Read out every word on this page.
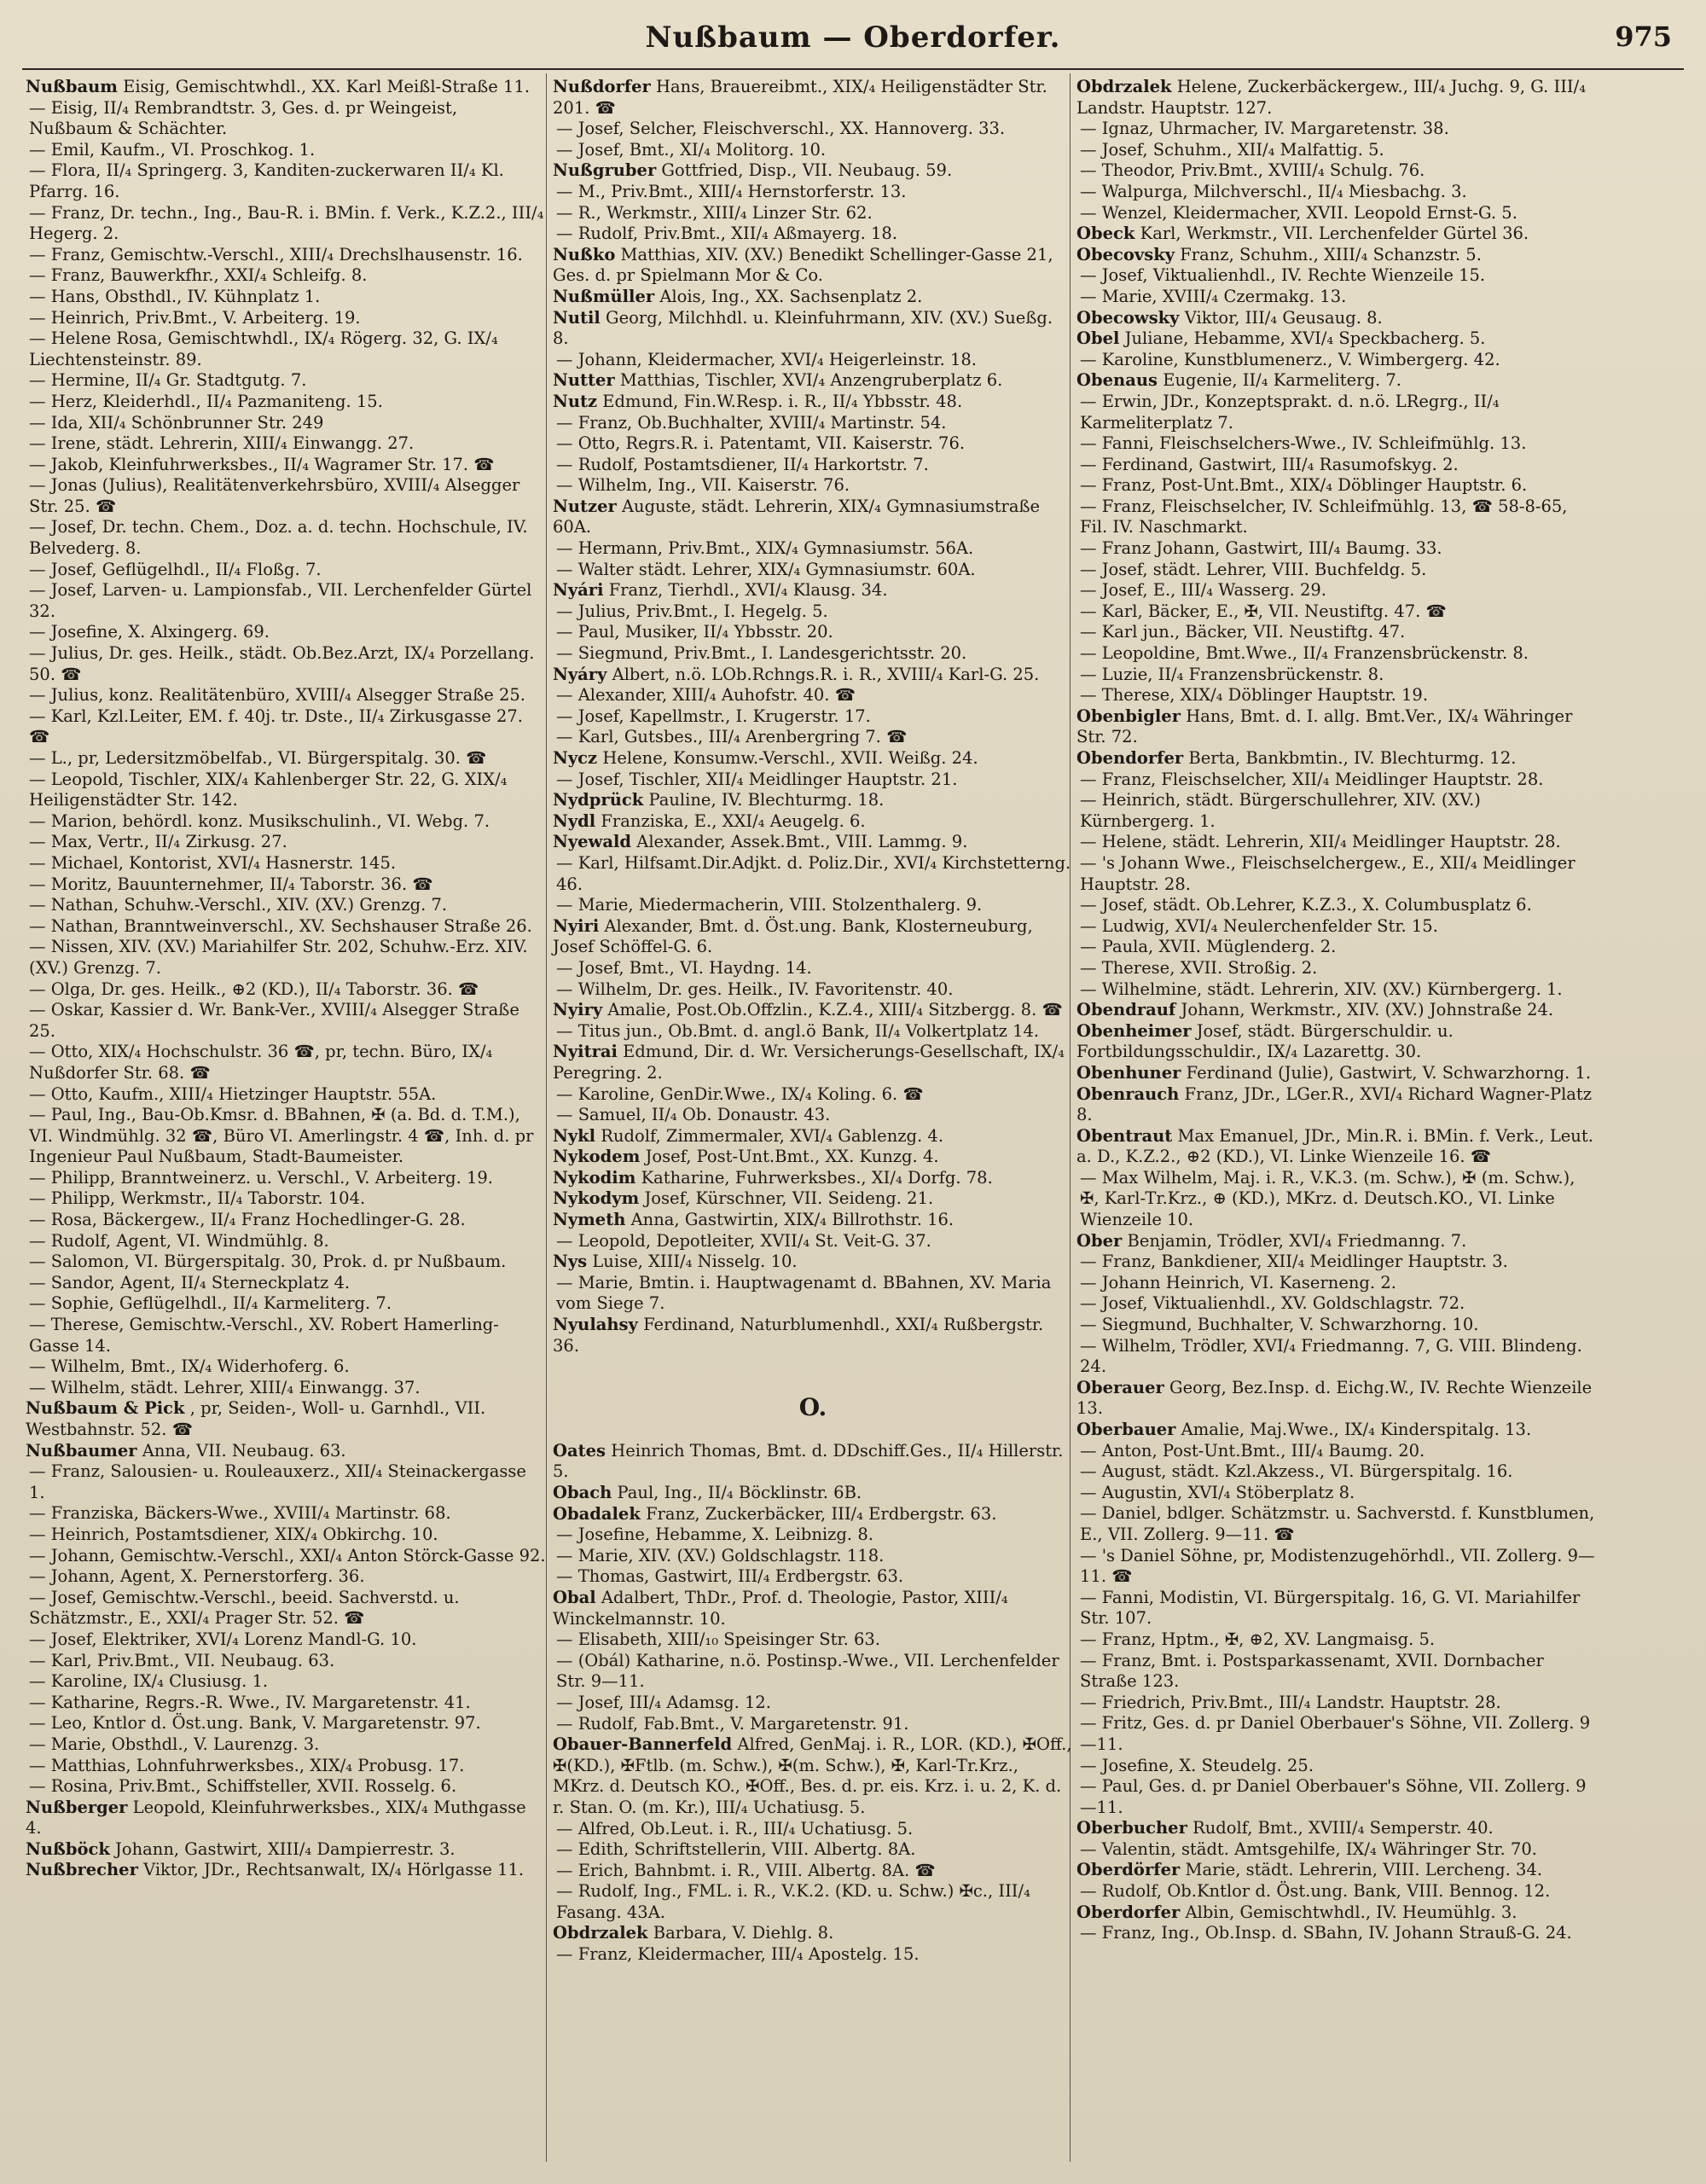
Nußbaum — Oberdorfer.	975

Nußbaum Eisig, Gemischtwhdl., XX. Karl Meißl-Straße 11.

— Eisig, II/₄ Rembrandtstr. 3, Ges. d. pr Weingeist, Nußbaum & Schächter.

— Emil, Kaufm., VI. Proschkog. 1.

— Flora, II/₄ Springerg. 3, Kanditen-zuckerwaren II/₄ Kl. Pfarrg. 16.

— Franz, Dr. techn., Ing., Bau-R. i. BMin. f. Verk., K.Z.2., III/₄ Hegerg. 2.

— Franz, Gemischtw.-Verschl., XIII/₄ Drechslhausenstr. 16.

— Franz, Bauwerkfhr., XXI/₄ Schleifg. 8.

— Hans, Obsthdl., IV. Kühnplatz 1.

— Heinrich, Priv.Bmt., V. Arbeiterg. 19.

— Helene Rosa, Gemischtwhdl., IX/₄ Rögerg. 32, G. IX/₄ Liechtensteinstr. 89.

— Hermine, II/₄ Gr. Stadtgutg. 7.

— Herz, Kleiderhdl., II/₄ Pazmaniteng. 15.

— Ida, XII/₄ Schönbrunner Str. 249

— Irene, städt. Lehrerin, XIII/₄ Einwangg. 27.

— Jakob, Kleinfuhrwerksbes., II/₄ Wagramer Str. 17. ☎

— Jonas (Julius), Realitätenverkehrsbüro, XVIII/₄ Alsegger Str. 25. ☎

— Josef, Dr. techn. Chem., Doz. a. d. techn. Hochschule, IV. Belvederg. 8.

— Josef, Geflügelhdl., II/₄ Floßg. 7.

— Josef, Larven- u. Lampionsfab., VII. Lerchenfelder Gürtel 32.

— Josefine, X. Alxingerg. 69.

— Julius, Dr. ges. Heilk., städt. Ob.Bez.Arzt, IX/₄ Porzellang. 50. ☎

— Julius, konz. Realitätenbüro, XVIII/₄ Alsegger Straße 25.

— Karl, Kzl.Leiter, EM. f. 40j. tr. Dste., II/₄ Zirkusgasse 27. ☎

— L., pr, Ledersitzmöbelfab., VI. Bürgerspitalg. 30. ☎

— Leopold, Tischler, XIX/₄ Kahlenberger Str. 22, G. XIX/₄ Heiligenstädter Str. 142.

— Marion, behördl. konz. Musikschulinh., VI. Webg. 7.

— Max, Vertr., II/₄ Zirkusg. 27.

— Michael, Kontorist, XVI/₄ Hasnerstr. 145.

— Moritz, Bauunternehmer, II/₄ Taborstr. 36. ☎

— Nathan, Schuhw.-Verschl., XIV. (XV.) Grenzg. 7.

— Nathan, Branntweinverschl., XV. Sechshauser Straße 26.

— Nissen, XIV. (XV.) Mariahilfer Str. 202, Schuhw.-Erz. XIV. (XV.) Grenzg. 7.

— Olga, Dr. ges. Heilk., ⊕2 (KD.), II/₄ Taborstr. 36. ☎

— Oskar, Kassier d. Wr. Bank-Ver., XVIII/₄ Alsegger Straße 25.

— Otto, XIX/₄ Hochschulstr. 36 ☎, pr, techn. Büro, IX/₄ Nußdorfer Str. 68. ☎

— Otto, Kaufm., XIII/₄ Hietzinger Hauptstr. 55A.

— Paul, Ing., Bau-Ob.Kmsr. d. BBahnen, ✠ (a. Bd. d. T.M.), VI. Windmühlg. 32 ☎, Büro VI. Amerlingstr. 4 ☎, Inh. d. pr Ingenieur Paul Nußbaum, Stadt-Baumeister.

— Philipp, Branntweinerz. u. Verschl., V. Arbeiterg. 19.

— Philipp, Werkmstr., II/₄ Taborstr. 104.

— Rosa, Bäckergew., II/₄ Franz Hochedlinger-G. 28.

— Rudolf, Agent, VI. Windmühlg. 8.

— Salomon, VI. Bürgerspitalg. 30, Prok. d. pr Nußbaum.

— Sandor, Agent, II/₄ Sterneckplatz 4.

— Sophie, Geflügelhdl., II/₄ Karmeliterg. 7.

— Therese, Gemischtw.-Verschl., XV. Robert Hamerling-Gasse 14.

— Wilhelm, Bmt., IX/₄ Widerhoferg. 6.

— Wilhelm, städt. Lehrer, XIII/₄ Einwangg. 37.

Nußbaum & Pick , pr, Seiden-, Woll- u. Garnhdl., VII. Westbahnstr. 52. ☎

Nußbaumer Anna, VII. Neubaug. 63.

— Franz, Salousien- u. Rouleauxerz., XII/₄ Steinackergasse 1.

— Franziska, Bäckers-Wwe., XVIII/₄ Martinstr. 68.

— Heinrich, Postamtsdiener, XIX/₄ Obkirchg. 10.

— Johann, Gemischtw.-Verschl., XXI/₄ Anton Störck-Gasse 92.

— Johann, Agent, X. Pernerstorferg. 36.

— Josef, Gemischtw.-Verschl., beeid. Sachverstd. u. Schätzmstr., E., XXI/₄ Prager Str. 52. ☎

— Josef, Elektriker, XVI/₄ Lorenz Mandl-G. 10.

— Karl, Priv.Bmt., VII. Neubaug. 63.

— Karoline, IX/₄ Clusiusg. 1.

— Katharine, Regrs.-R. Wwe., IV. Margaretenstr. 41.

— Leo, Kntlor d. Öst.ung. Bank, V. Margaretenstr. 97.

— Marie, Obsthdl., V. Laurenzg. 3.

— Matthias, Lohnfuhrwerksbes., XIX/₄ Probusg. 17.

— Rosina, Priv.Bmt., Schiffsteller, XVII. Rosselg. 6.

Nußberger Leopold, Kleinfuhrwerksbes., XIX/₄ Muthgasse 4.

Nußböck Johann, Gastwirt, XIII/₄ Dampierrestr. 3.

Nußbrecher Viktor, JDr., Rechtsanwalt, IX/₄ Hörlgasse 11.

Nußdorfer Hans, Brauereibmt., XIX/₄ Heiligenstädter Str. 201. ☎

— Josef, Selcher, Fleischverschl., XX. Hannoverg. 33.

— Josef, Bmt., XI/₄ Molitorg. 10.

Nußgruber Gottfried, Disp., VII. Neubaug. 59.

— M., Priv.Bmt., XIII/₄ Hernstorferstr. 13.

— R., Werkmstr., XIII/₄ Linzer Str. 62.

— Rudolf, Priv.Bmt., XII/₄ Aßmayerg. 18.

Nußko Matthias, XIV. (XV.) Benedikt Schellinger-Gasse 21, Ges. d. pr Spielmann Mor & Co.

Nußmüller Alois, Ing., XX. Sachsenplatz 2.

Nutil Georg, Milchhdl. u. Kleinfuhrmann, XIV. (XV.) Sueßg. 8.

— Johann, Kleidermacher, XVI/₄ Heigerleinstr. 18.

Nutter Matthias, Tischler, XVI/₄ Anzengruberplatz 6.

Nutz Edmund, Fin.W.Resp. i. R., II/₄ Ybbsstr. 48.

— Franz, Ob.Buchhalter, XVIII/₄ Martinstr. 54.

— Otto, Regrs.R. i. Patentamt, VII. Kaiserstr. 76.

— Rudolf, Postamtsdiener, II/₄ Harkortstr. 7.

— Wilhelm, Ing., VII. Kaiserstr. 76.

Nutzer Auguste, städt. Lehrerin, XIX/₄ Gymnasiumstraße 60A.

— Hermann, Priv.Bmt., XIX/₄ Gymnasiumstr. 56A.

— Walter städt. Lehrer, XIX/₄ Gymnasiumstr. 60A.

Nyári Franz, Tierhdl., XVI/₄ Klausg. 34.

— Julius, Priv.Bmt., I. Hegelg. 5.

— Paul, Musiker, II/₄ Ybbsstr. 20.

— Siegmund, Priv.Bmt., I. Landesgerichtsstr. 20.

Nyáry Albert, n.ö. LOb.Rchngs.R. i. R., XVIII/₄ Karl-G. 25.

— Alexander, XIII/₄ Auhofstr. 40. ☎

— Josef, Kapellmstr., I. Krugerstr. 17.

— Karl, Gutsbes., III/₄ Arenbergring 7. ☎

Nycz Helene, Konsumw.-Verschl., XVII. Weißg. 24.

— Josef, Tischler, XII/₄ Meidlinger Hauptstr. 21.

Nydprück Pauline, IV. Blechturmg. 18.

Nydl Franziska, E., XXI/₄ Aeugelg. 6.

Nyewald Alexander, Assek.Bmt., VIII. Lammg. 9.

— Karl, Hilfsamt.Dir.Adjkt. d. Poliz.Dir., XVI/₄ Kirchstetterng. 46.

— Marie, Miedermacherin, VIII. Stolzenthalerg. 9.

Nyiri Alexander, Bmt. d. Öst.ung. Bank, Klosterneuburg, Josef Schöffel-G. 6.

— Josef, Bmt., VI. Haydng. 14.

— Wilhelm, Dr. ges. Heilk., IV. Favoritenstr. 40.

Nyiry Amalie, Post.Ob.Offzlin., K.Z.4., XIII/₄ Sitzbergg. 8. ☎

— Titus jun., Ob.Bmt. d. angl.ö Bank, II/₄ Volkertplatz 14.

Nyitrai Edmund, Dir. d. Wr. Versicherungs-Gesellschaft, IX/₄ Peregring. 2.

— Karoline, GenDir.Wwe., IX/₄ Koling. 6. ☎

— Samuel, II/₄ Ob. Donaustr. 43.

Nykl Rudolf, Zimmermaler, XVI/₄ Gablenzg. 4.

Nykodem Josef, Post-Unt.Bmt., XX. Kunzg. 4.

Nykodim Katharine, Fuhrwerksbes., XI/₄ Dorfg. 78.

Nykodym Josef, Kürschner, VII. Seideng. 21.

Nymeth Anna, Gastwirtin, XIX/₄ Billrothstr. 16.

— Leopold, Depotleiter, XVII/₄ St. Veit-G. 37.

Nys Luise, XIII/₄ Nisselg. 10.

— Marie, Bmtin. i. Hauptwagenamt d. BBahnen, XV. Maria vom Siege 7.

Nyulahsy Ferdinand, Naturblumenhdl., XXI/₄ Rußbergstr. 36.

O.

Oates Heinrich Thomas, Bmt. d. DDschiff.Ges., II/₄ Hillerstr. 5.

Obach Paul, Ing., II/₄ Böcklinstr. 6B.

Obadalek Franz, Zuckerbäcker, III/₄ Erdbergstr. 63.

— Josefine, Hebamme, X. Leibnizg. 8.

— Marie, XIV. (XV.) Goldschlagstr. 118.

— Thomas, Gastwirt, III/₄ Erdbergstr. 63.

Obal Adalbert, ThDr., Prof. d. Theologie, Pastor, XIII/₄ Winckelmannstr. 10.

— Elisabeth, XIII/₁₀ Speisinger Str. 63.

— (Obál) Katharine, n.ö. Postinsp.-Wwe., VII. Lerchenfelder Str. 9—11.

— Josef, III/₄ Adamsg. 12.

— Rudolf, Fab.Bmt., V. Margaretenstr. 91.

Obauer-Bannerfeld Alfred, GenMaj. i. R., LOR. (KD.), ✠Off., ✠(KD.), ✠Ftlb. (m. Schw.), ✠(m. Schw.), ✠, Karl-Tr.Krz., MKrz. d. Deutsch KO., ✠Off., Bes. d. pr. eis. Krz. i. u. 2, K. d. r. Stan. O. (m. Kr.), III/₄ Uchatiusg. 5.

— Alfred, Ob.Leut. i. R., III/₄ Uchatiusg. 5.

— Edith, Schriftstellerin, VIII. Albertg. 8A.

— Erich, Bahnbmt. i. R., VIII. Albertg. 8A. ☎

— Rudolf, Ing., FML. i. R., V.K.2. (KD. u. Schw.) ✠c., III/₄ Fasang. 43A.

Obdrzalek Barbara, V. Diehlg. 8.

— Franz, Kleidermacher, III/₄ Apostelg. 15.

Obdrzalek Helene, Zuckerbäckergew., III/₄ Juchg. 9, G. III/₄ Landstr. Hauptstr. 127.

— Ignaz, Uhrmacher, IV. Margaretenstr. 38.

— Josef, Schuhm., XII/₄ Malfattig. 5.

— Theodor, Priv.Bmt., XVIII/₄ Schulg. 76.

— Walpurga, Milchverschl., II/₄ Miesbachg. 3.

— Wenzel, Kleidermacher, XVII. Leopold Ernst-G. 5.

Obeck Karl, Werkmstr., VII. Lerchenfelder Gürtel 36.

Obecovsky Franz, Schuhm., XIII/₄ Schanzstr. 5.

— Josef, Viktualienhdl., IV. Rechte Wienzeile 15.

— Marie, XVIII/₄ Czermakg. 13.

Obecowsky Viktor, III/₄ Geusaug. 8.

Obel Juliane, Hebamme, XVI/₄ Speckbacherg. 5.

— Karoline, Kunstblumenerz., V. Wimbergerg. 42.

Obenaus Eugenie, II/₄ Karmeliterg. 7.

— Erwin, JDr., Konzeptsprakt. d. n.ö. LRegrg., II/₄ Karmeliterplatz 7.

— Fanni, Fleischselchers-Wwe., IV. Schleifmühlg. 13.

— Ferdinand, Gastwirt, III/₄ Rasumofskyg. 2.

— Franz, Post-Unt.Bmt., XIX/₄ Döblinger Hauptstr. 6.

— Franz, Fleischselcher, IV. Schleifmühlg. 13, ☎ 58-8-65, Fil. IV. Naschmarkt.

— Franz Johann, Gastwirt, III/₄ Baumg. 33.

— Josef, städt. Lehrer, VIII. Buchfeldg. 5.

— Josef, E., III/₄ Wasserg. 29.

— Karl, Bäcker, E., ✠, VII. Neustiftg. 47. ☎

— Karl jun., Bäcker, VII. Neustiftg. 47.

— Leopoldine, Bmt.Wwe., II/₄ Franzensbrückenstr. 8.

— Luzie, II/₄ Franzensbrückenstr. 8.

— Therese, XIX/₄ Döblinger Hauptstr. 19.

Obenbigler Hans, Bmt. d. I. allg. Bmt.Ver., IX/₄ Währinger Str. 72.

Obendorfer Berta, Bankbmtin., IV. Blechturmg. 12.

— Franz, Fleischselcher, XII/₄ Meidlinger Hauptstr. 28.

— Heinrich, städt. Bürgerschullehrer, XIV. (XV.) Kürnbergerg. 1.

— Helene, städt. Lehrerin, XII/₄ Meidlinger Hauptstr. 28.

— 's Johann Wwe., Fleischselchergew., E., XII/₄ Meidlinger Hauptstr. 28.

— Josef, städt. Ob.Lehrer, K.Z.3., X. Columbusplatz 6.

— Ludwig, XVI/₄ Neulerchenfelder Str. 15.

— Paula, XVII. Müglenderg. 2.

— Therese, XVII. Stroßig. 2.

— Wilhelmine, städt. Lehrerin, XIV. (XV.) Kürnbergerg. 1.

Obendrauf Johann, Werkmstr., XIV. (XV.) Johnstraße 24.

Obenheimer Josef, städt. Bürgerschuldir. u. Fortbildungsschuldir., IX/₄ Lazarettg. 30.

Obenhuner Ferdinand (Julie), Gastwirt, V. Schwarzhorng. 1.

Obenrauch Franz, JDr., LGer.R., XVI/₄ Richard Wagner-Platz 8.

Obentraut Max Emanuel, JDr., Min.R. i. BMin. f. Verk., Leut. a. D., K.Z.2., ⊕2 (KD.), VI. Linke Wienzeile 16. ☎

— Max Wilhelm, Maj. i. R., V.K.3. (m. Schw.), ✠ (m. Schw.), ✠, Karl-Tr.Krz., ⊕ (KD.), MKrz. d. Deutsch.KO., VI. Linke Wienzeile 10.

Ober Benjamin, Trödler, XVI/₄ Friedmanng. 7.

— Franz, Bankdiener, XII/₄ Meidlinger Hauptstr. 3.

— Johann Heinrich, VI. Kaserneng. 2.

— Josef, Viktualienhdl., XV. Goldschlagstr. 72.

— Siegmund, Buchhalter, V. Schwarzhorng. 10.

— Wilhelm, Trödler, XVI/₄ Friedmanng. 7, G. VIII. Blindeng. 24.

Oberauer Georg, Bez.Insp. d. Eichg.W., IV. Rechte Wienzeile 13.

Oberbauer Amalie, Maj.Wwe., IX/₄ Kinderspitalg. 13.

— Anton, Post-Unt.Bmt., III/₄ Baumg. 20.

— August, städt. Kzl.Akzess., VI. Bürgerspitalg. 16.

— Augustin, XVI/₄ Stöberplatz 8.

— Daniel, bdlger. Schätzmstr. u. Sachverstd. f. Kunstblumen, E., VII. Zollerg. 9—11. ☎

— 's Daniel Söhne, pr, Modistenzugehörhdl., VII. Zollerg. 9—11. ☎

— Fanni, Modistin, VI. Bürgerspitalg. 16, G. VI. Mariahilfer Str. 107.

— Franz, Hptm., ✠, ⊕2, XV. Langmaisg. 5.

— Franz, Bmt. i. Postsparkassenamt, XVII. Dornbacher Straße 123.

— Friedrich, Priv.Bmt., III/₄ Landstr. Hauptstr. 28.

— Fritz, Ges. d. pr Daniel Oberbauer's Söhne, VII. Zollerg. 9—11.

— Josefine, X. Steudelg. 25.

— Paul, Ges. d. pr Daniel Oberbauer's Söhne, VII. Zollerg. 9—11.

Oberbucher Rudolf, Bmt., XVIII/₄ Semperstr. 40.

— Valentin, städt. Amtsgehilfe, IX/₄ Währinger Str. 70.

Oberdörfer Marie, städt. Lehrerin, VIII. Lercheng. 34.

— Rudolf, Ob.Kntlor d. Öst.ung. Bank, VIII. Bennog. 12.

Oberdorfer Albin, Gemischtwhdl., IV. Heumühlg. 3.

— Franz, Ing., Ob.Insp. d. SBahn, IV. Johann Strauß-G. 24.
